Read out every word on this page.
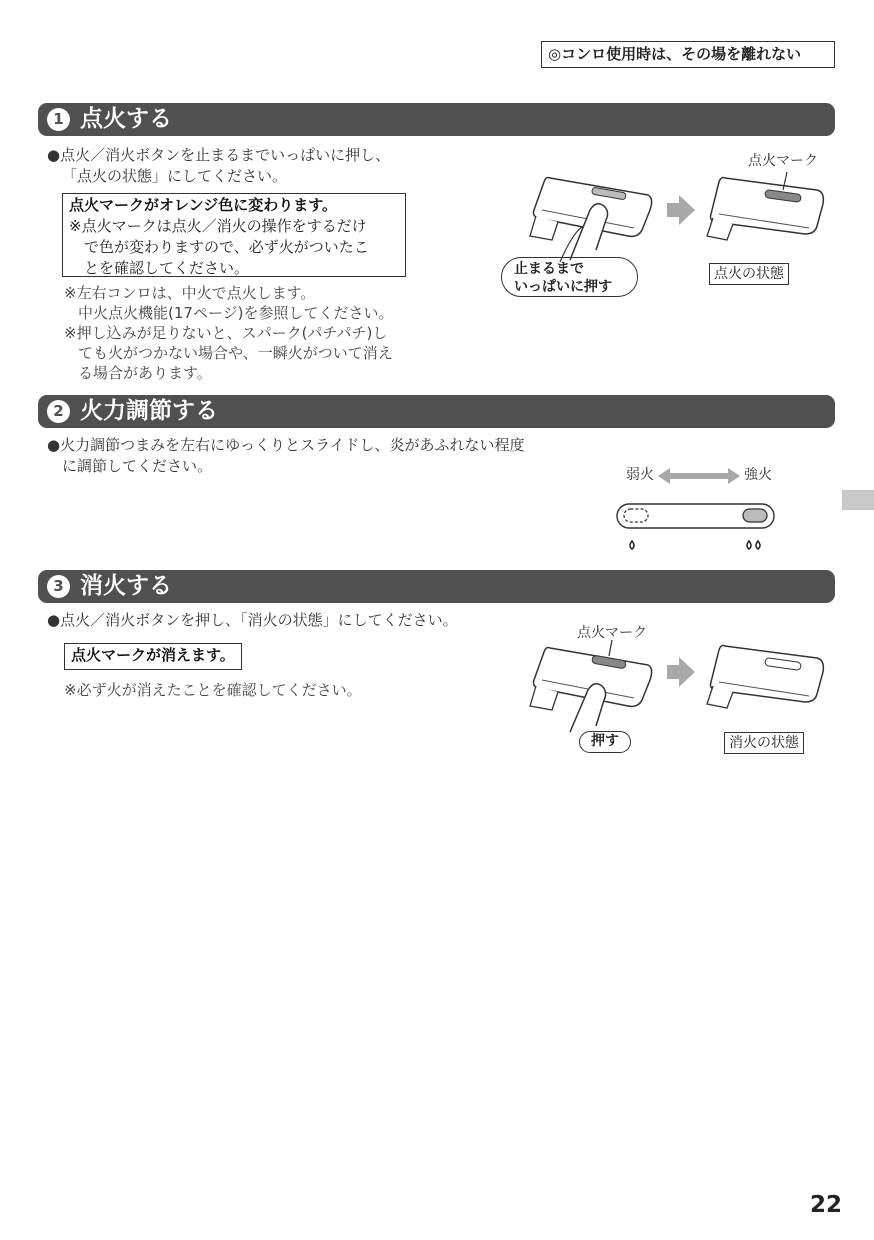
◎コンロ使用時は、その場を離れない
1 点火する
●点火／消火ボタンを止まるまでいっぱいに押し、
「点火の状態」にしてください。
点火マークがオレンジ色に変わります。
※点火マークは点火／消火の操作をするだけ
で色が変わりますので、必ず火がついたこ
とを確認してください。
※左右コンロは、中火で点火します。
中火点火機能(17ページ)を参照してください。
※押し込みが足りないと、スパーク(パチパチ)し
ても火がつかない場合や、一瞬火がついて消え
る場合があります。
点火マーク
止まるまで
いっぱいに押す
点火の状態
2 火力調節する
●火力調節つまみを左右にゆっくりとスライドし、炎があふれない程度
に調節してください。	弱火	強火
3 消火する
●点火／消火ボタンを押し、「消火の状態」にしてください。
点火マークが消えます。
※必ず火が消えたことを確認してください。
点火マーク
押す	消火の状態
22
